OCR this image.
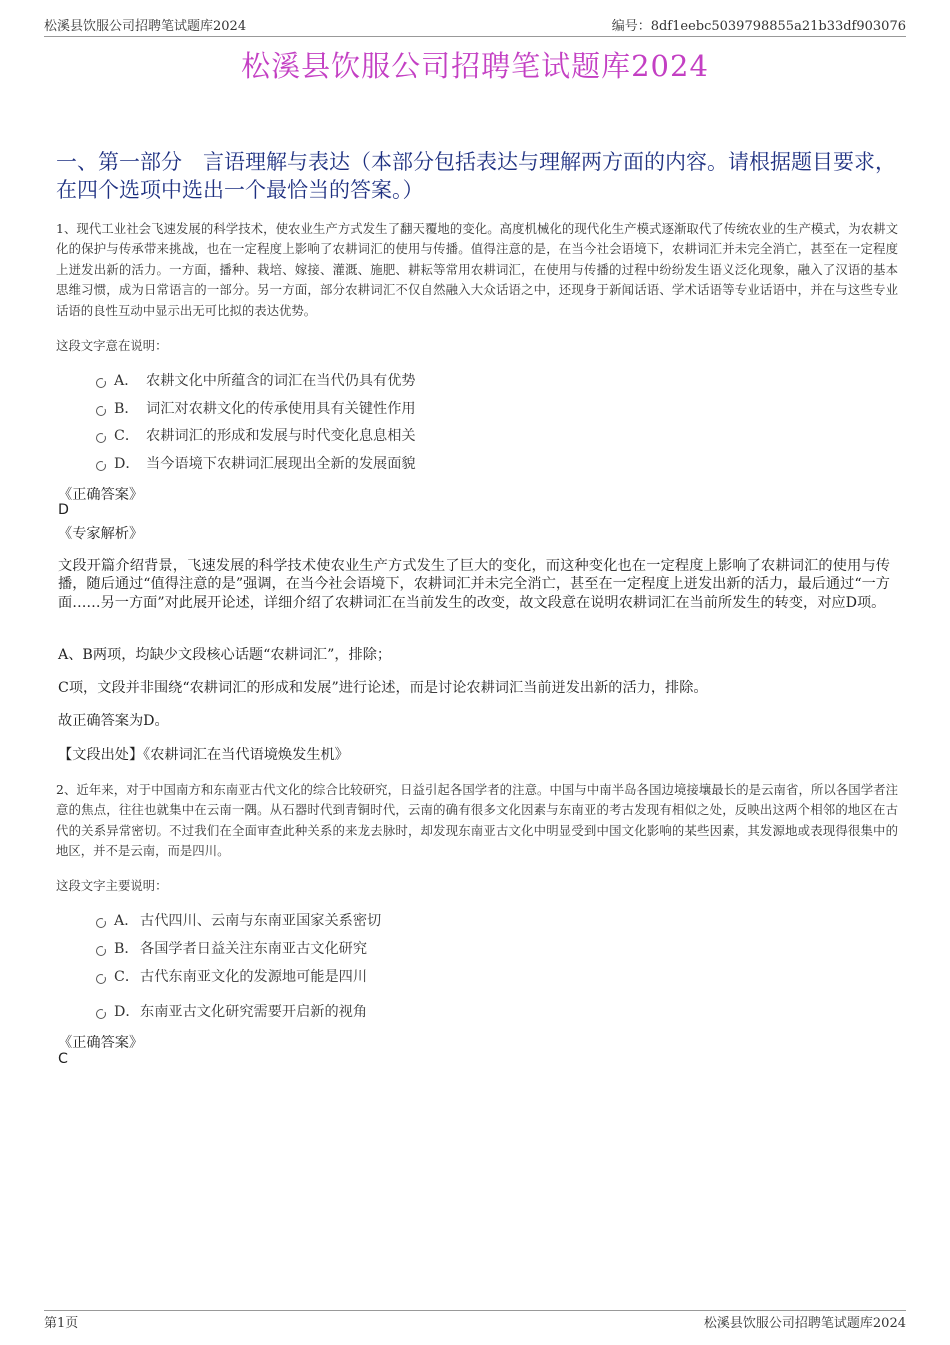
松溪县饮服公司招聘笔试题库2024	编号：8df1eebc5039798855a21b33df903076
松溪县饮服公司招聘笔试题库2024
一、第一部分　言语理解与表达（本部分包括表达与理解两方面的内容。请根据题目要求，在四个选项中选出一个最恰当的答案。）
1、现代工业社会飞速发展的科学技术，使农业生产方式发生了翻天覆地的变化。高度机械化的现代化生产模式逐渐取代了传统农业的生产模式，为农耕文化的保护与传承带来挑战，也在一定程度上影响了农耕词汇的使用与传播。值得注意的是，在当今社会语境下，农耕词汇并未完全消亡，甚至在一定程度上迸发出新的活力。一方面，播种、栽培、嫁接、灌溉、施肥、耕耘等常用农耕词汇，在使用与传播的过程中纷纷发生语义泛化现象，融入了汉语的基本思维习惯，成为日常语言的一部分。另一方面，部分农耕词汇不仅自然融入大众话语之中，还现身于新闻话语、学术话语等专业话语中，并在与这些专业话语的良性互动中显示出无可比拟的表达优势。
这段文字意在说明：
A． 农耕文化中所蕴含的词汇在当代仍具有优势
B． 词汇对农耕文化的传承使用具有关键性作用
C． 农耕词汇的形成和发展与时代变化息息相关
D． 当今语境下农耕词汇展现出全新的发展面貌
《正确答案》
D
《专家解析》
文段开篇介绍背景，飞速发展的科学技术使农业生产方式发生了巨大的变化，而这种变化也在一定程度上影响了农耕词汇的使用与传播，随后通过“值得注意的是”强调，在当今社会语境下，农耕词汇并未完全消亡，甚至在一定程度上迸发出新的活力，最后通过“一方面……另一方面”对此展开论述，详细介绍了农耕词汇在当前发生的改变，故文段意在说明农耕词汇在当前所发生的转变，对应D项。
A、B两项，均缺少文段核心话题“农耕词汇”，排除；
C项，文段并非围绕“农耕词汇的形成和发展”进行论述，而是讨论农耕词汇当前迸发出新的活力，排除。
故正确答案为D。
【文段出处】《农耕词汇在当代语境焕发生机》
2、近年来，对于中国南方和东南亚古代文化的综合比较研究，日益引起各国学者的注意。中国与中南半岛各国边境接壤最长的是云南省，所以各国学者注意的焦点，往往也就集中在云南一隅。从石器时代到青铜时代，云南的确有很多文化因素与东南亚的考古发现有相似之处，反映出这两个相邻的地区在古代的关系异常密切。不过我们在全面审查此种关系的来龙去脉时，却发现东南亚古文化中明显受到中国文化影响的某些因素，其发源地或表现得很集中的地区，并不是云南，而是四川。
这段文字主要说明：
A． 古代四川、云南与东南亚国家关系密切
B． 各国学者日益关注东南亚古文化研究
C． 古代东南亚文化的发源地可能是四川
D． 东南亚古文化研究需要开启新的视角
《正确答案》
C
第1页	松溪县饮服公司招聘笔试题库2024
